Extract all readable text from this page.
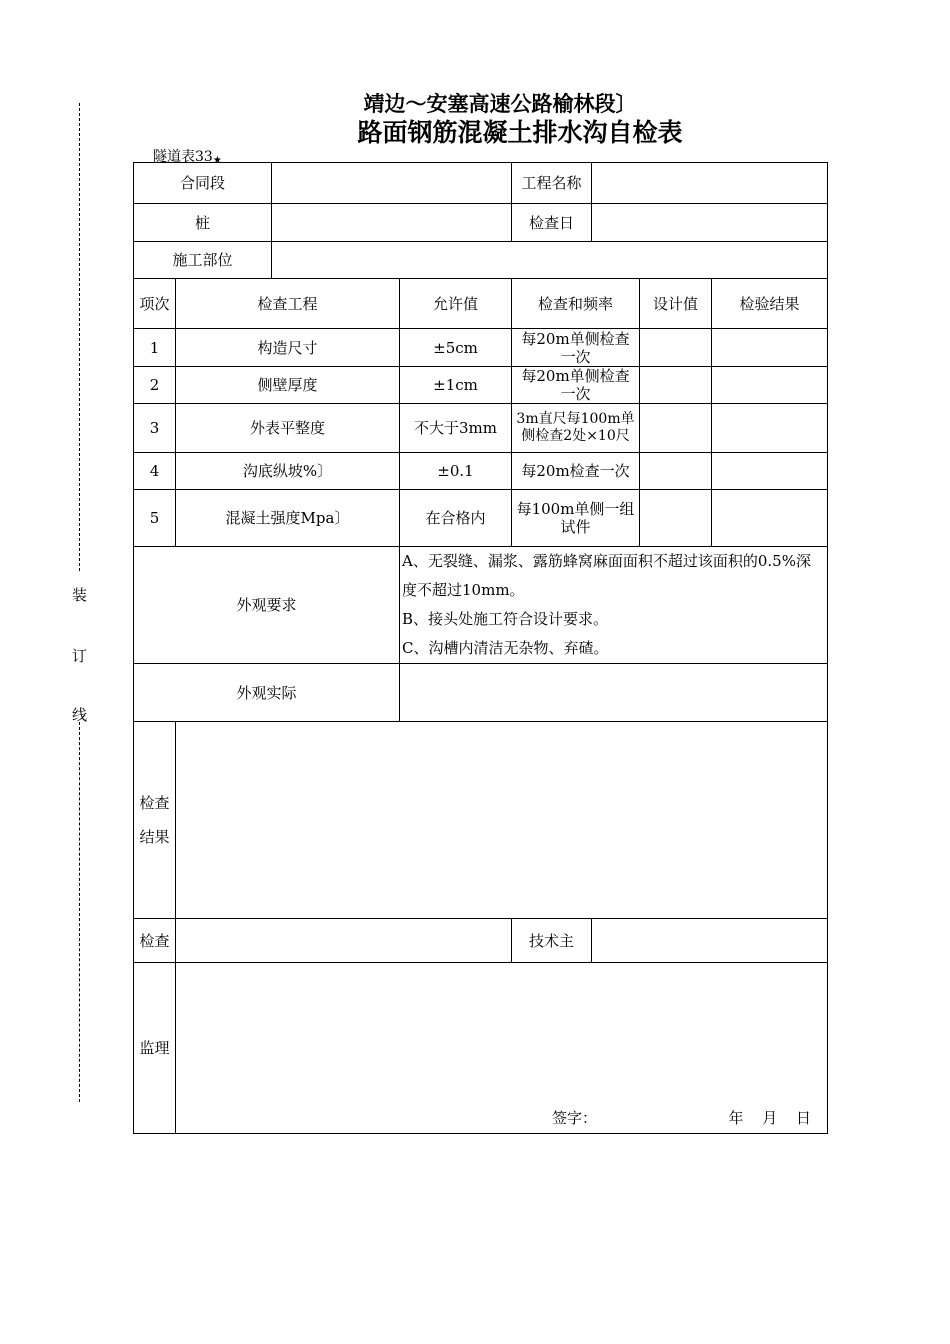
装
订
线
靖边～安塞高速公路榆林段〕
路面钢筋混凝土排水沟自检表
隧道表33★
合同段				工程名称			
桩				检查日			
施工部位							
项次	检查工程		允许值	检查和频率		设计值	检验结果
1	构造尺寸		±5cm	每20m单侧检查一次			
2	侧壁厚度		±1cm	每20m单侧检查一次			
3	外表平整度		不大于3mm	3m直尺每100m单侧检查2处×10尺			
4	沟底纵坡%〕		±0.1	每20m检查一次			
5	混凝土强度Mpa〕		在合格内	每100m单侧一组试件			
外观要求			A、无裂缝、漏浆、露筋蜂窝麻面面积不超过该面积的0.5%深度不超过10mm。
B、接头处施工符合设计要求。
C、沟槽内清洁无杂物、弃碴。				

外观实际							

检查
结果							

检查				技术主			
监理	签字： 年 月 日						
